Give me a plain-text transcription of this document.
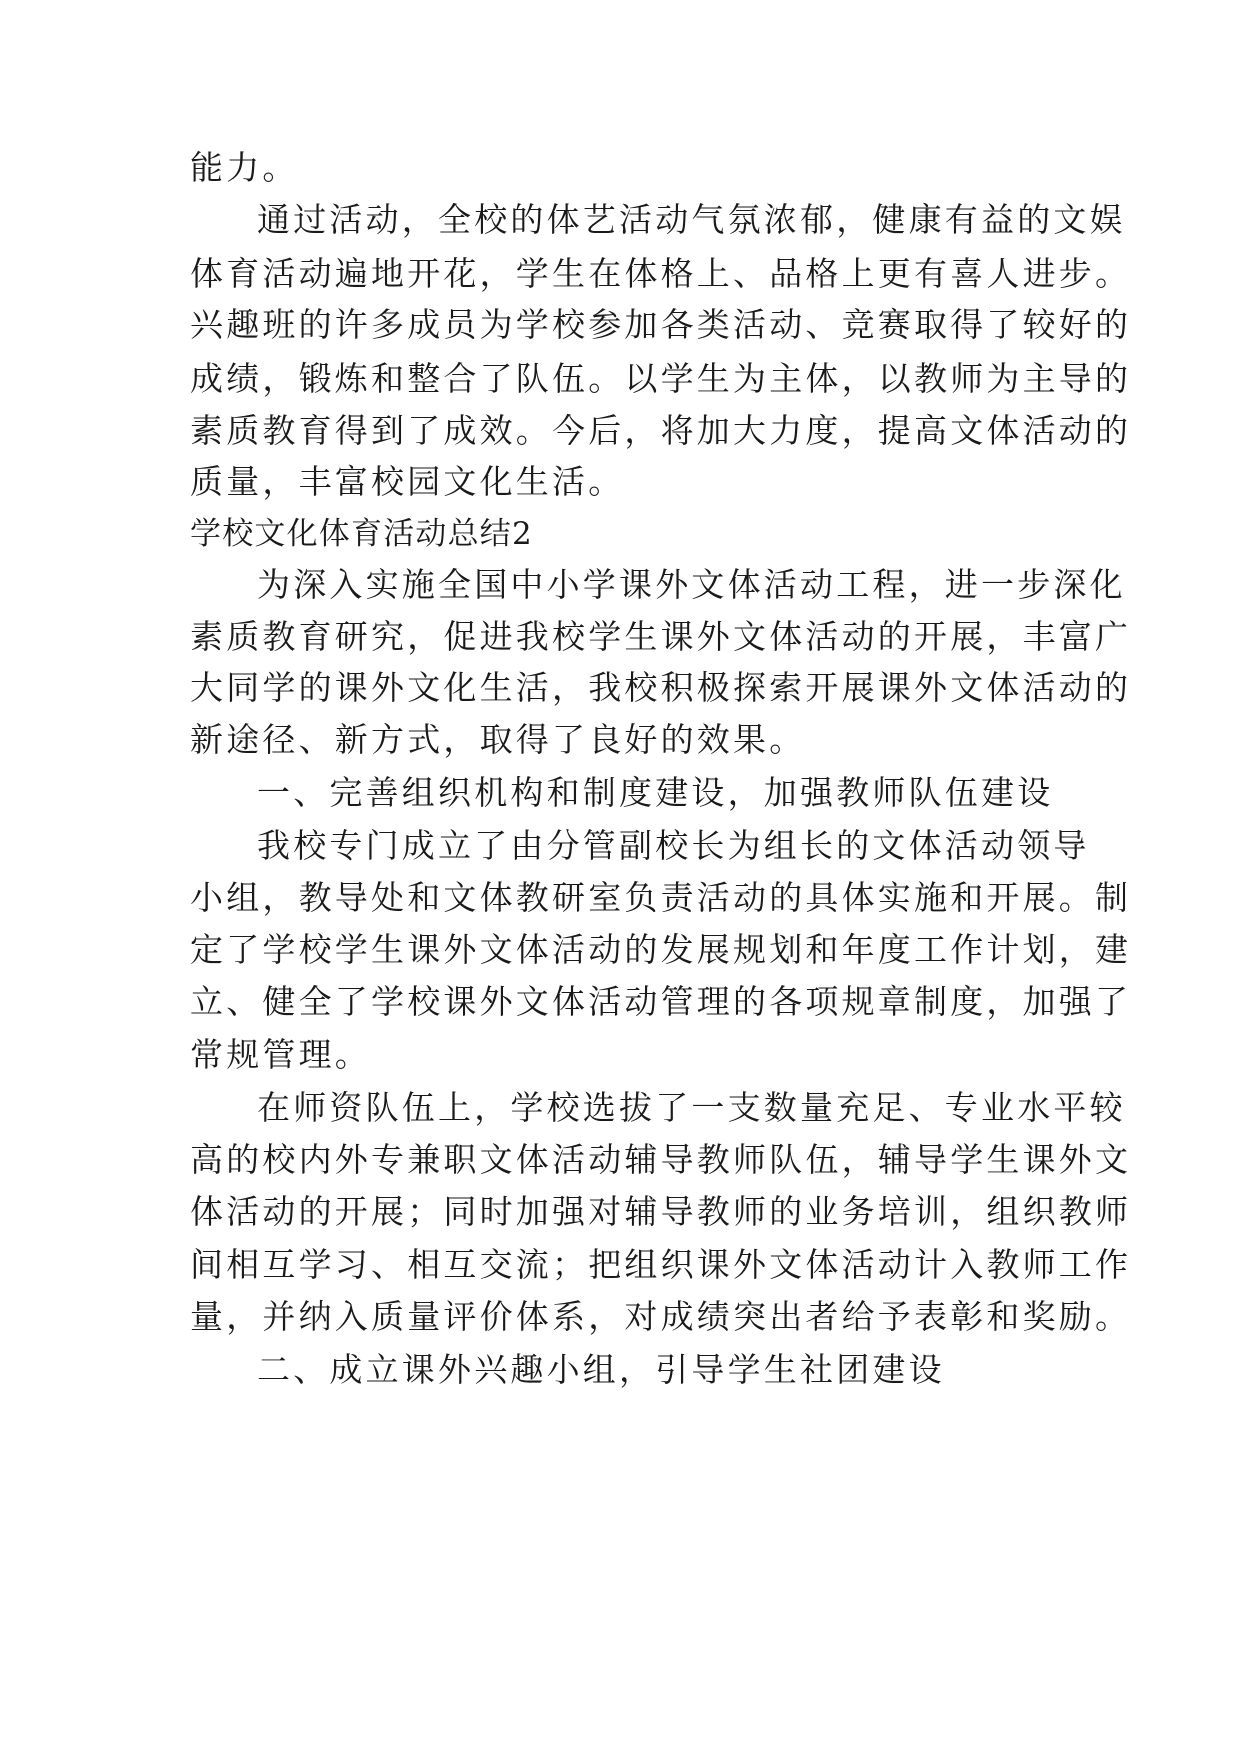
能力。
通过活动，全校的体艺活动气氛浓郁，健康有益的文娱
体育活动遍地开花，学生在体格上、品格上更有喜人进步。
兴趣班的许多成员为学校参加各类活动、竞赛取得了较好的
成绩，锻炼和整合了队伍。以学生为主体，以教师为主导的
素质教育得到了成效。今后，将加大力度，提高文体活动的
质量，丰富校园文化生活。
学校文化体育活动总结2
为深入实施全国中小学课外文体活动工程，进一步深化
素质教育研究，促进我校学生课外文体活动的开展，丰富广
大同学的课外文化生活，我校积极探索开展课外文体活动的
新途径、新方式，取得了良好的效果。
一、完善组织机构和制度建设，加强教师队伍建设
我校专门成立了由分管副校长为组长的文体活动领导
小组，教导处和文体教研室负责活动的具体实施和开展。制
定了学校学生课外文体活动的发展规划和年度工作计划，建
立、健全了学校课外文体活动管理的各项规章制度，加强了
常规管理。
在师资队伍上，学校选拔了一支数量充足、专业水平较
高的校内外专兼职文体活动辅导教师队伍，辅导学生课外文
体活动的开展；同时加强对辅导教师的业务培训，组织教师
间相互学习、相互交流；把组织课外文体活动计入教师工作
量，并纳入质量评价体系，对成绩突出者给予表彰和奖励。
二、成立课外兴趣小组，引导学生社团建设
